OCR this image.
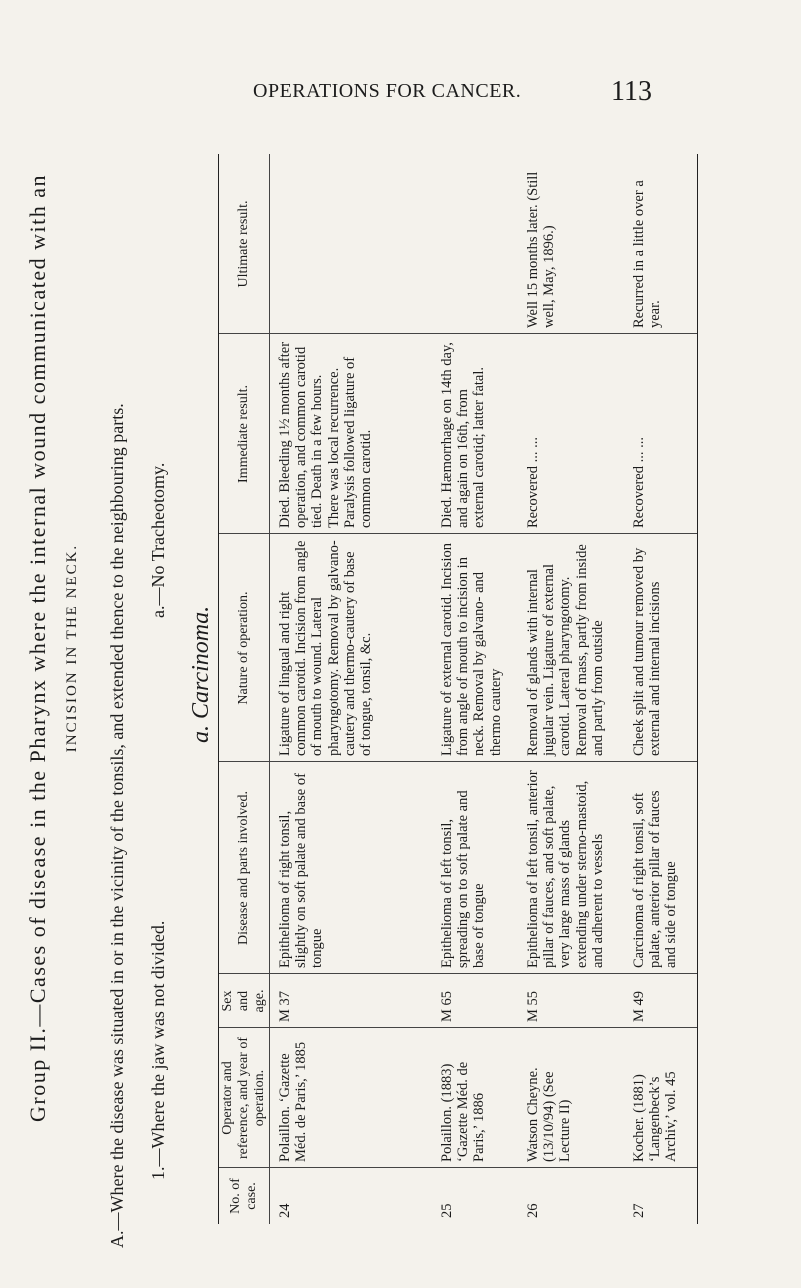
OPERATIONS FOR CANCER.	113
Group II.—Cases of disease in the Pharynx where the internal wound communicated with an INCISION IN THE NECK. A.—Where the disease was situated in or in the vicinity of the tonsils, and extended thence to the neighbouring parts. 1.—Where the jaw was not divided.
a.—No Tracheotomy.
a. Carcinoma.
No. of case.
Operator and reference, and year of operation.
Sex and age.
Disease and parts involved.
Nature of operation.
Immediate result.
Ultimate result.
24
Polaillon. ‘Gazette Méd. de Paris,’ 1885
M 37
Epithelioma of right tonsil, slightly on soft palate and base of tongue
Ligature of lingual and right common carotid. Incision from angle of mouth to wound. Lateral pharyngotomy. Removal by galvano-cautery and thermo-cautery of base of tongue, tonsil, &c.
Died. Bleeding 1½ months after operation, and common carotid tied. Death in a few hours. There was local recurrence. Paralysis followed ligature of common carotid.
25
Polaillon. (1883) ‘Gazette Méd. de Paris,’ 1886
M 65
Epithelioma of left tonsil, spreading on to soft palate and base of tongue
Ligature of external carotid. Incision from angle of mouth to incision in neck. Removal by galvano- and thermo cautery
Died. Hæmorrhage on 14th day, and again on 16th, from external carotid; latter fatal.
26
Watson Cheyne. (13/10/94) (See Lecture II)
M 55
Epithelioma of left tonsil, anterior pillar of fauces, and soft palate, very large mass of glands extending under sterno-mastoid, and adherent to vessels
Removal of glands with internal jugular vein. Ligature of external carotid. Lateral pharyngotomy. Removal of mass, partly from inside and partly from outside
Recovered ... ...
Well 15 months later. (Still well, May, 1896.)
27
Kocher. (1881) ‘Langenbeck’s Archiv,’ vol. 45
M 49
Carcinoma of right tonsil, soft palate, anterior pillar of fauces and side of tongue
Cheek split and tumour removed by external and internal incisions
Recovered ... ...
Recurred in a little over a year.
